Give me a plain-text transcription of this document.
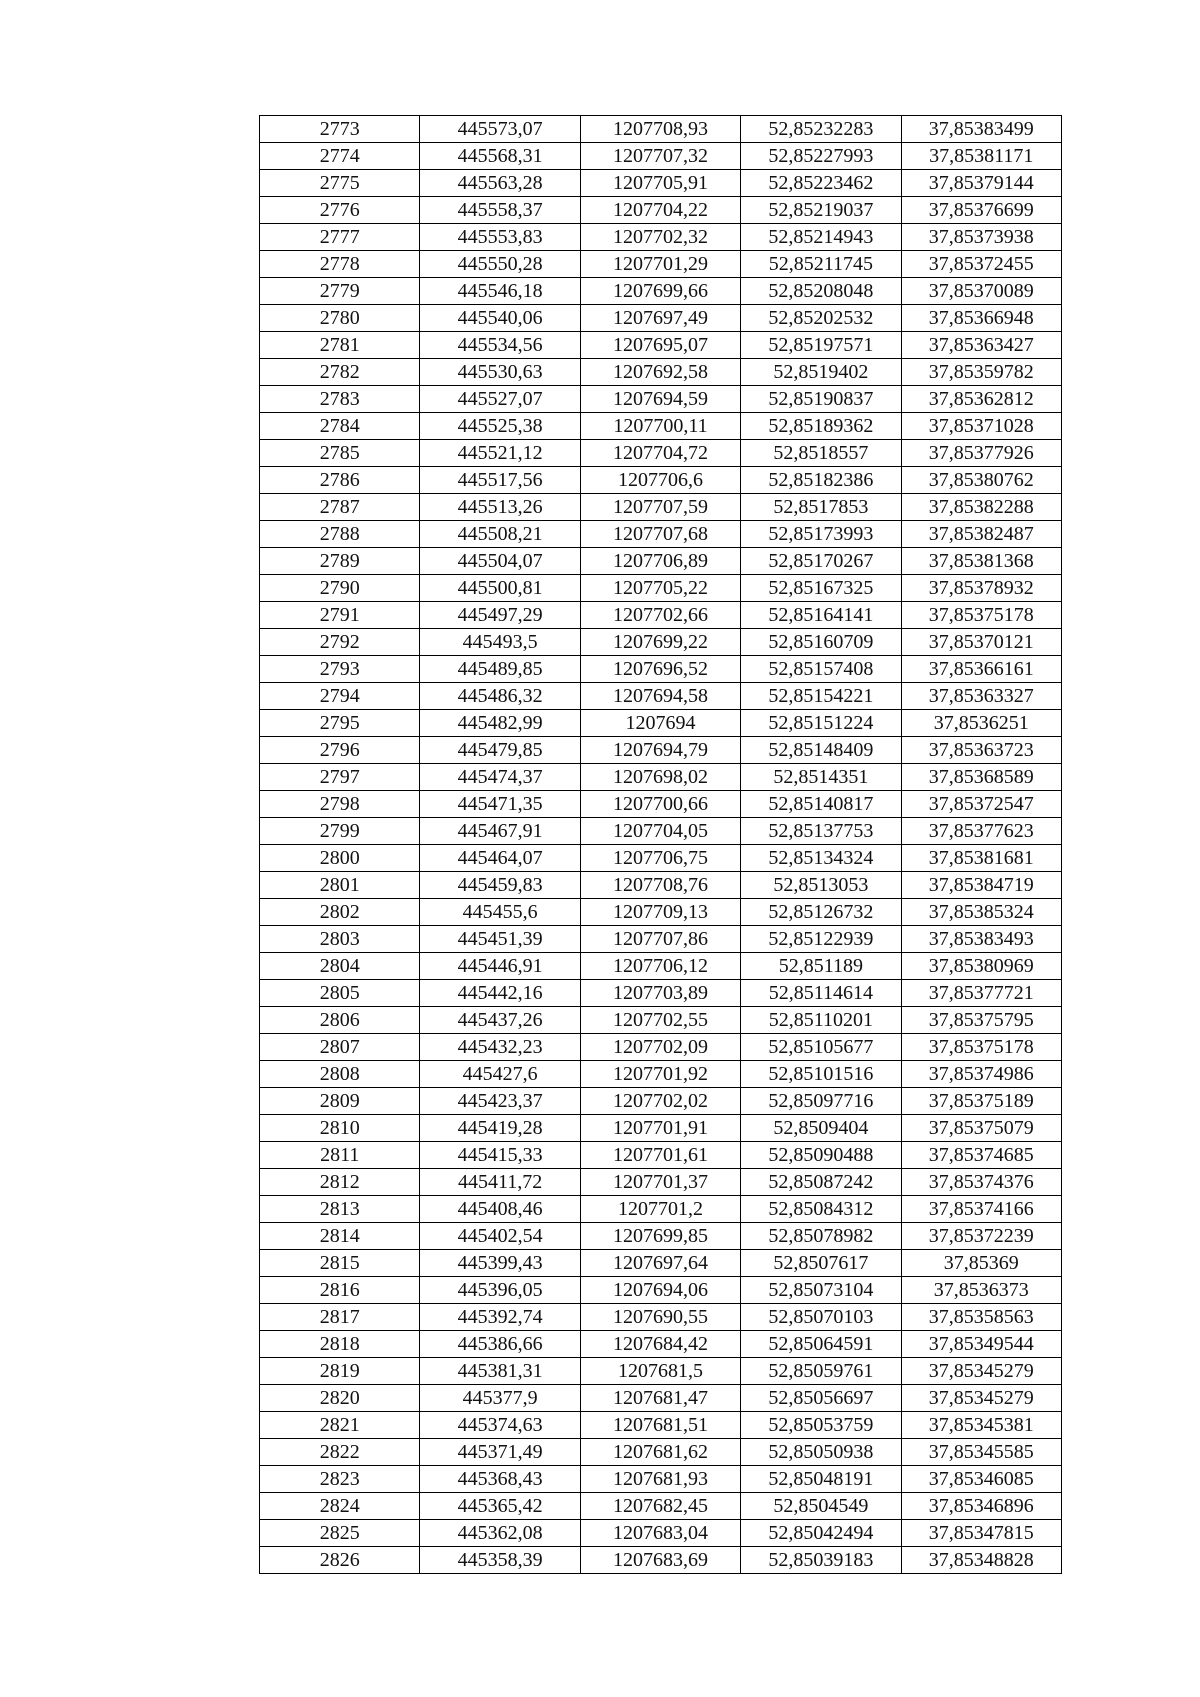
2773	445573,07	1207708,93	52,85232283	37,85383499
2774	445568,31	1207707,32	52,85227993	37,85381171
2775	445563,28	1207705,91	52,85223462	37,85379144
2776	445558,37	1207704,22	52,85219037	37,85376699
2777	445553,83	1207702,32	52,85214943	37,85373938
2778	445550,28	1207701,29	52,85211745	37,85372455
2779	445546,18	1207699,66	52,85208048	37,85370089
2780	445540,06	1207697,49	52,85202532	37,85366948
2781	445534,56	1207695,07	52,85197571	37,85363427
2782	445530,63	1207692,58	52,8519402	37,85359782
2783	445527,07	1207694,59	52,85190837	37,85362812
2784	445525,38	1207700,11	52,85189362	37,85371028
2785	445521,12	1207704,72	52,8518557	37,85377926
2786	445517,56	1207706,6	52,85182386	37,85380762
2787	445513,26	1207707,59	52,8517853	37,85382288
2788	445508,21	1207707,68	52,85173993	37,85382487
2789	445504,07	1207706,89	52,85170267	37,85381368
2790	445500,81	1207705,22	52,85167325	37,85378932
2791	445497,29	1207702,66	52,85164141	37,85375178
2792	445493,5	1207699,22	52,85160709	37,85370121
2793	445489,85	1207696,52	52,85157408	37,85366161
2794	445486,32	1207694,58	52,85154221	37,85363327
2795	445482,99	1207694	52,85151224	37,8536251
2796	445479,85	1207694,79	52,85148409	37,85363723
2797	445474,37	1207698,02	52,8514351	37,85368589
2798	445471,35	1207700,66	52,85140817	37,85372547
2799	445467,91	1207704,05	52,85137753	37,85377623
2800	445464,07	1207706,75	52,85134324	37,85381681
2801	445459,83	1207708,76	52,8513053	37,85384719
2802	445455,6	1207709,13	52,85126732	37,85385324
2803	445451,39	1207707,86	52,85122939	37,85383493
2804	445446,91	1207706,12	52,851189	37,85380969
2805	445442,16	1207703,89	52,85114614	37,85377721
2806	445437,26	1207702,55	52,85110201	37,85375795
2807	445432,23	1207702,09	52,85105677	37,85375178
2808	445427,6	1207701,92	52,85101516	37,85374986
2809	445423,37	1207702,02	52,85097716	37,85375189
2810	445419,28	1207701,91	52,8509404	37,85375079
2811	445415,33	1207701,61	52,85090488	37,85374685
2812	445411,72	1207701,37	52,85087242	37,85374376
2813	445408,46	1207701,2	52,85084312	37,85374166
2814	445402,54	1207699,85	52,85078982	37,85372239
2815	445399,43	1207697,64	52,8507617	37,85369
2816	445396,05	1207694,06	52,85073104	37,8536373
2817	445392,74	1207690,55	52,85070103	37,85358563
2818	445386,66	1207684,42	52,85064591	37,85349544
2819	445381,31	1207681,5	52,85059761	37,85345279
2820	445377,9	1207681,47	52,85056697	37,85345279
2821	445374,63	1207681,51	52,85053759	37,85345381
2822	445371,49	1207681,62	52,85050938	37,85345585
2823	445368,43	1207681,93	52,85048191	37,85346085
2824	445365,42	1207682,45	52,8504549	37,85346896
2825	445362,08	1207683,04	52,85042494	37,85347815
2826	445358,39	1207683,69	52,85039183	37,85348828
